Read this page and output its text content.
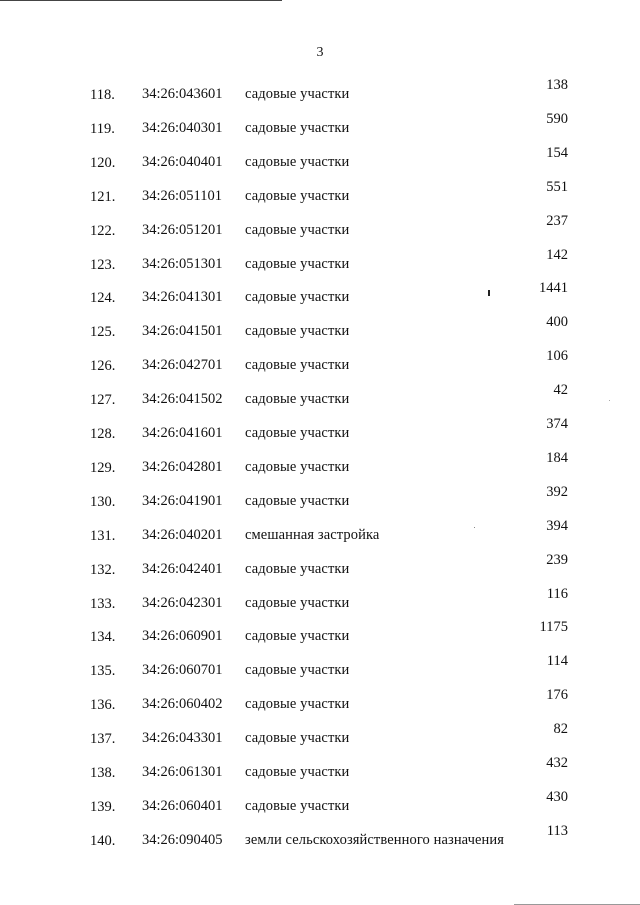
3
118. 34:26:043601 садовые участки
138
119. 34:26:040301 садовые участки
590
120. 34:26:040401 садовые участки
154
121. 34:26:051101 садовые участки
551
122. 34:26:051201 садовые участки
237
123. 34:26:051301 садовые участки
142
124. 34:26:041301 садовые участки
1441
125. 34:26:041501 садовые участки
400
126. 34:26:042701 садовые участки
106
127. 34:26:041502 садовые участки
42
128. 34:26:041601 садовые участки
374
129. 34:26:042801 садовые участки
184
130. 34:26:041901 садовые участки
392
131. 34:26:040201 смешанная застройка
394
132. 34:26:042401 садовые участки
239
133. 34:26:042301 садовые участки
116
134. 34:26:060901 садовые участки
1175
135. 34:26:060701 садовые участки
114
136. 34:26:060402 садовые участки
176
137. 34:26:043301 садовые участки
82
138. 34:26:061301 садовые участки
432
139. 34:26:060401 садовые участки
430
140. 34:26:090405 земли сельскохозяйственного назначения
113
